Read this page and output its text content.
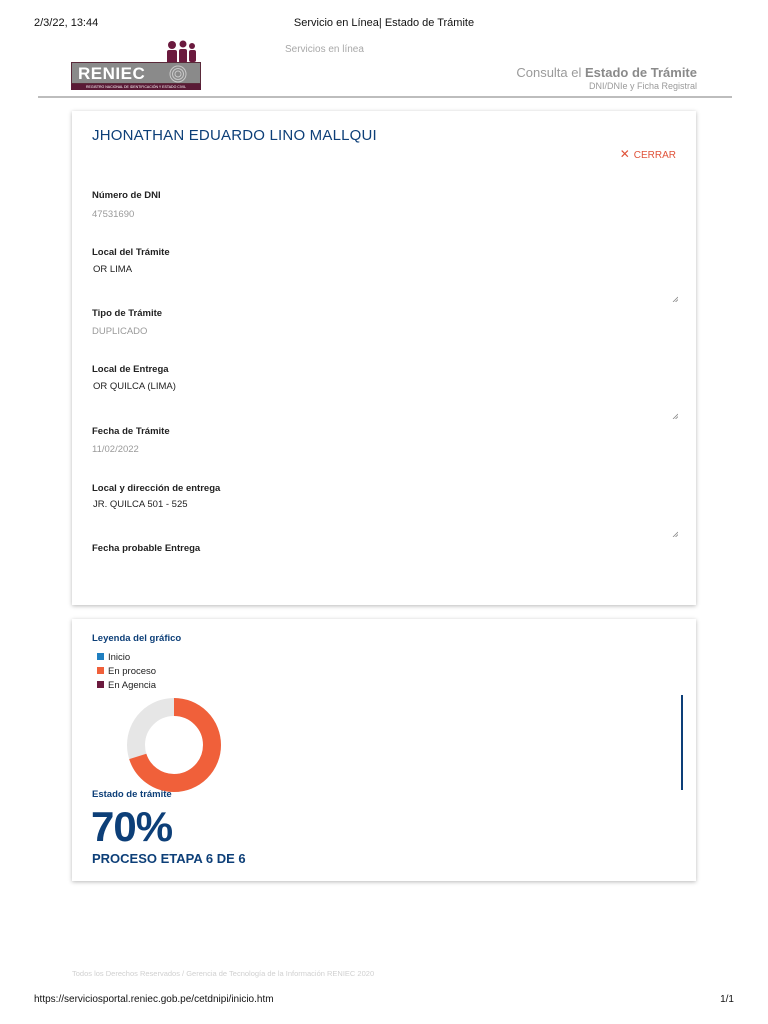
2/3/22, 13:44	Servicio en Línea| Estado de Trámite
RENIEC
REGISTRO NACIONAL DE IDENTIFICACIÓN Y ESTADO CIVIL
Servicios en línea
Consulta el Estado de Trámite
DNI/DNIe y Ficha Registral
JHONATHAN EDUARDO LINO MALLQUI
✕ CERRAR
Número de DNI
47531690
Local del Trámite
OR LIMA
Tipo de Trámite
DUPLICADO
Local de Entrega
OR QUILCA (LIMA)
Fecha de Trámite
11/02/2022
Local y dirección de entrega
JR. QUILCA 501 - 525
Fecha probable Entrega
Leyenda del gráfico
Inicio
En proceso
En Agencia
Estado de trámite
70%
PROCESO ETAPA 6 DE 6
Todos los Derechos Reservados / Gerencia de Tecnología de la Información RENIEC 2020
https://serviciosportal.reniec.gob.pe/cetdnipi/inicio.htm	1/1
